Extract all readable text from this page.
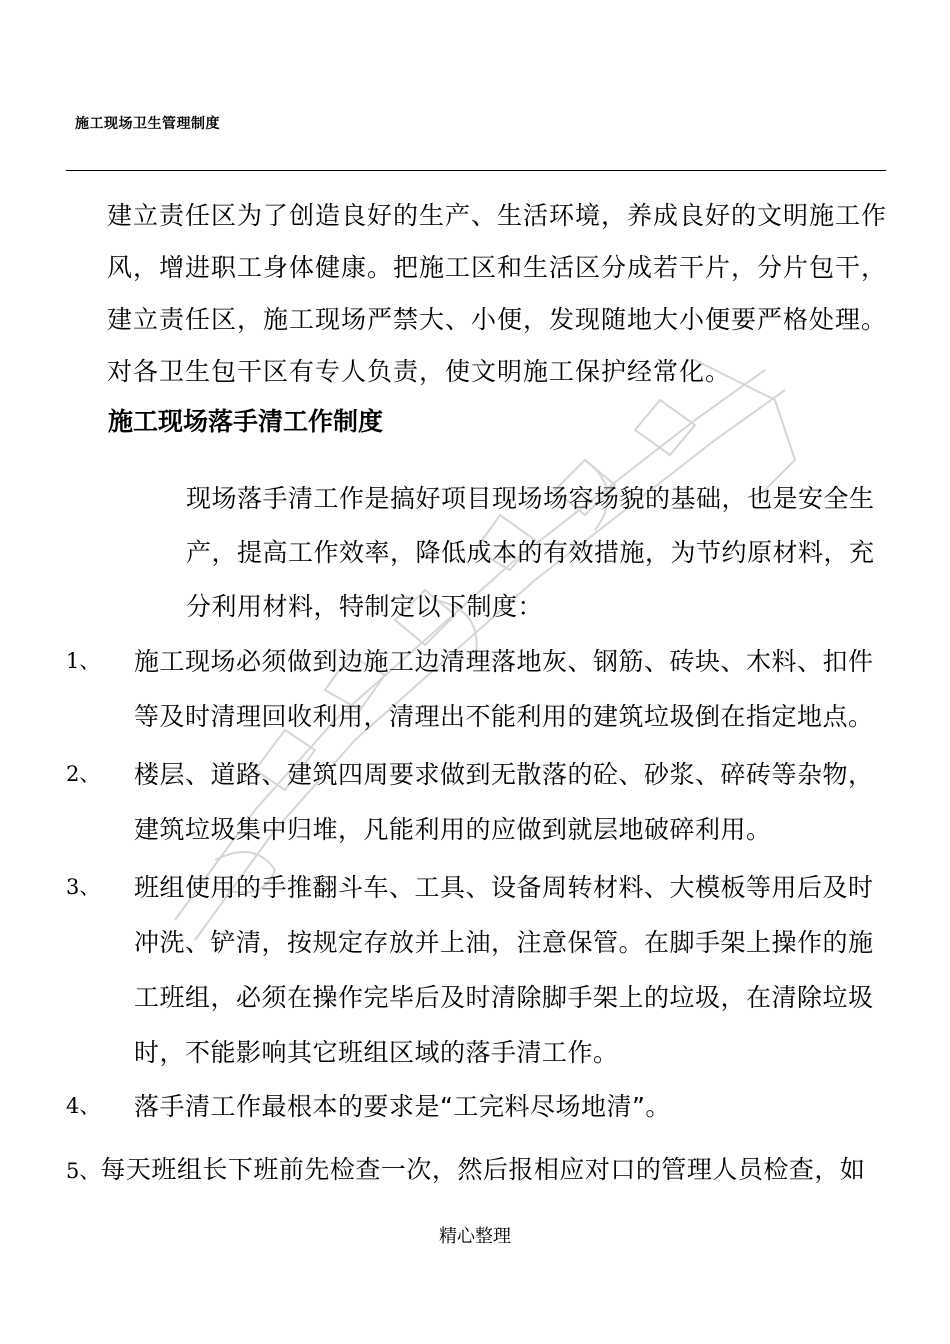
施工现场卫生管理制度

建立责任区为了创造良好的生产、生活环境，养成良好的文明施工作风，增进职工身体健康。把施工区和生活区分成若干片，分片包干，建立责任区，施工现场严禁大、小便，发现随地大小便要严格处理。对各卫生包干区有专人负责，使文明施工保护经常化。

施工现场落手清工作制度
现场落手清工作是搞好项目现场场容场貌的基础，也是安全生产，提高工作效率，降低成本的有效措施，为节约原材料，充分利用材料，特制定以下制度：
1、	施工现场必须做到边施工边清理落地灰、钢筋、砖块、木料、扣件等及时清理回收利用，清理出不能利用的建筑垃圾倒在指定地点。
2、	楼层、道路、建筑四周要求做到无散落的砼、砂浆、碎砖等杂物，建筑垃圾集中归堆，凡能利用的应做到就层地破碎利用。
3、	班组使用的手推翻斗车、工具、设备周转材料、大模板等用后及时冲洗、铲清，按规定存放并上油，注意保管。在脚手架上操作的施工班组，必须在操作完毕后及时清除脚手架上的垃圾，在清除垃圾时，不能影响其它班组区域的落手清工作。
4、	落手清工作最根本的要求是“工完料尽场地清”。
5、每天班组长下班前先检查一次，然后报相应对口的管理人员检查，如
精心整理
